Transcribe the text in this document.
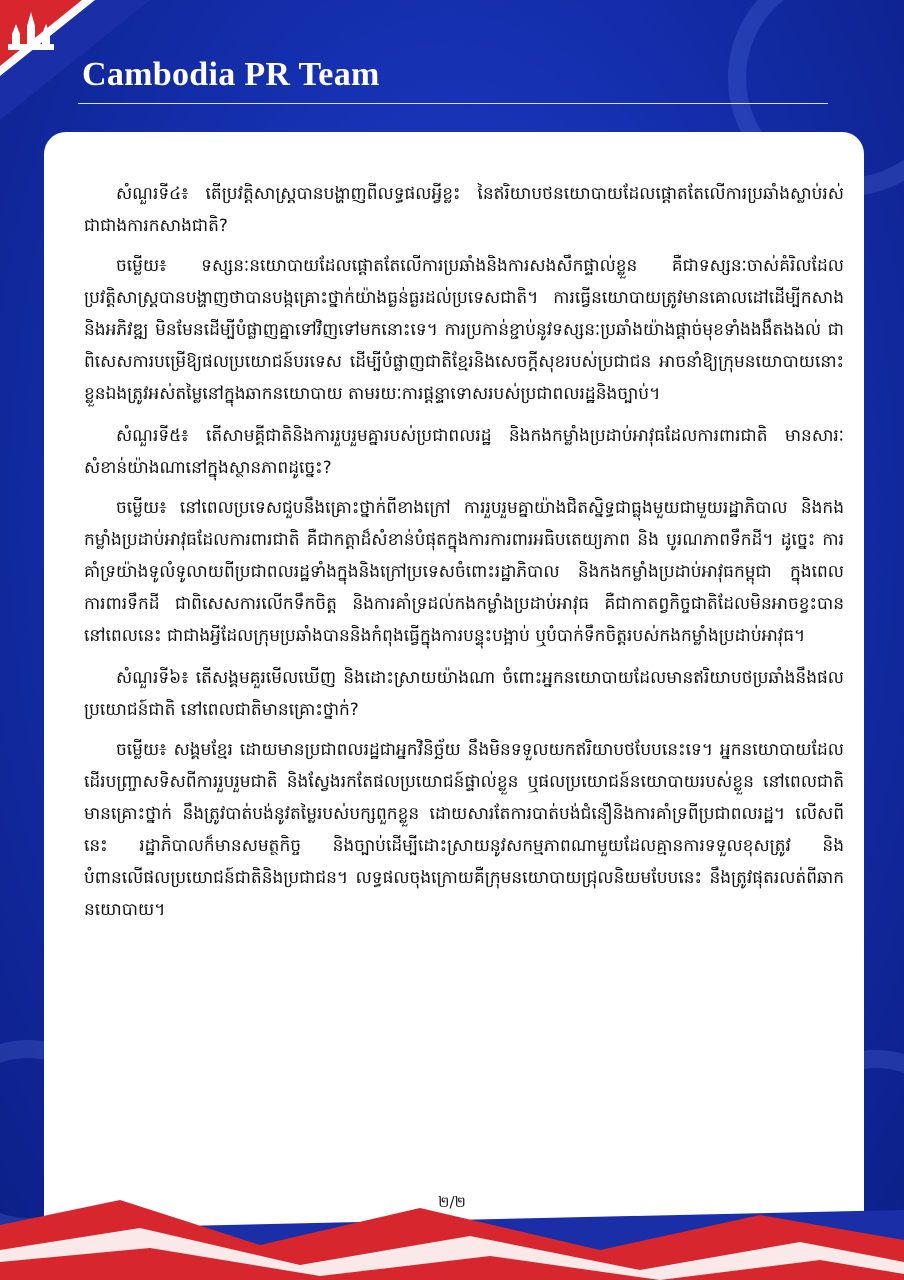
Cambodia PR Team

សំណួរទី៤៖ តើប្រវត្តិសាស្ត្របានបង្ហាញពីលទ្ធផលអ្វីខ្លះ នៃឥរិយាបថនយោបាយដែលផ្តោតតែលើការប្រឆាំងស្លាប់រស់ ជាជាងការកសាងជាតិ?

ចម្លើយ៖ ទស្សនៈនយោបាយដែលផ្តោតតែលើការប្រឆាំងនិងការសងសឹកផ្ទាល់ខ្លួន គឺជាទស្សនៈចាស់គំរិលដែលប្រវត្តិសាស្ត្របានបង្ហាញថាបានបង្កគ្រោះថ្នាក់យ៉ាងធ្ងន់ធ្ងរដល់ប្រទេសជាតិ។ ការធ្វើនយោបាយត្រូវមានគោលដៅដើម្បីកសាងនិងអភិវឌ្ឍ មិនមែនដើម្បីបំផ្លាញគ្នាទៅវិញទៅមកនោះទេ។ ការប្រកាន់ខ្ជាប់នូវទស្សនៈប្រឆាំងយ៉ាងផ្តាច់មុខទាំងងងឹតងងល់ ជាពិសេសការបម្រើឱ្យផលប្រយោជន៍បរទេស ដើម្បីបំផ្លាញជាតិខ្មែរនិងសេចក្តីសុខរបស់ប្រជាជន អាចនាំឱ្យក្រុមនយោបាយនោះខ្លួនឯងត្រូវអស់តម្លៃនៅក្នុងឆាកនយោបាយ តាមរយៈការផ្តន្ទាទោសរបស់ប្រជាពលរដ្ឋនិងច្បាប់។

សំណួរទី៥៖ តើសាមគ្គីជាតិនិងការរួបរួមគ្នារបស់ប្រជាពលរដ្ឋ និងកងកម្លាំងប្រដាប់អាវុធដែលការពារជាតិ មានសារៈសំខាន់យ៉ាងណានៅក្នុងស្ថានភាពដូច្នេះ?

ចម្លើយ៖ នៅពេលប្រទេសជួបនឹងគ្រោះថ្នាក់ពីខាងក្រៅ ការរួបរួមគ្នាយ៉ាងជិតស្និទ្ធជាធ្លុងមួយជាមួយរដ្ឋាភិបាល និងកងកម្លាំងប្រដាប់អាវុធដែលការពារជាតិ គឺជាកត្តាដ៏សំខាន់បំផុតក្នុងការការពារអធិបតេយ្យភាព និង បូរណភាពទឹកដី។ ដូច្នេះ ការគាំទ្រយ៉ាងទូលំទូលាយពីប្រជាពលរដ្ឋទាំងក្នុងនិងក្រៅប្រទេសចំពោះរដ្ឋាភិបាល និងកងកម្លាំងប្រដាប់អាវុធកម្ពុជា ក្នុងពេលការពារទឹកដី ជាពិសេសការលើកទឹកចិត្ត និងការគាំទ្រដល់កងកម្លាំងប្រដាប់អាវុធ គឺជាកាតព្វកិច្ចជាតិដែលមិនអាចខ្វះបាននៅពេលនេះ ជាជាងអ្វីដែលក្រុមប្រឆាំងបាននិងកំពុងធ្វើក្នុងការបន្ទុះបង្អាប់ ឬបំបាក់ទឹកចិត្តរបស់កងកម្លាំងប្រដាប់អាវុធ។

សំណួរទី៦៖ តើសង្គមគួរមើលឃើញ និងដោះស្រាយយ៉ាងណា ចំពោះអ្នកនយោបាយដែលមានឥរិយាបថប្រឆាំងនឹងផលប្រយោជន៍ជាតិ នៅពេលជាតិមានគ្រោះថ្នាក់?

ចម្លើយ៖ សង្គមខ្មែរ ដោយមានប្រជាពលរដ្ឋជាអ្នកវិនិច្ឆ័យ នឹងមិនទទួលយកឥរិយាបថបែបនេះទេ។ អ្នកនយោបាយដែលដើរបញ្ច្រាសទិសពីការរួបរួមជាតិ និងស្វែងរកតែផលប្រយោជន៍ផ្ទាល់ខ្លួន ឬផលប្រយោជន៍នយោបាយរបស់ខ្លួន នៅពេលជាតិមានគ្រោះថ្នាក់ នឹងត្រូវបាត់បង់នូវតម្លៃរបស់បក្សពួកខ្លួន ដោយសារតែការបាត់បង់ជំនឿនិងការគាំទ្រពីប្រជាពលរដ្ឋ។ លើសពីនេះ រដ្ឋាភិបាលក៏មានសមត្ថកិច្ច និងច្បាប់ដើម្បីដោះស្រាយនូវសកម្មភាពណាមួយដែលគ្មានការទទួលខុសត្រូវ និងបំពានលើផលប្រយោជន៍ជាតិនិងប្រជាជន។ លទ្ធផលចុងក្រោយគឺក្រុមនយោបាយជ្រុលនិយមបែបនេះ នឹងត្រូវផុតរលត់ពីឆាកនយោបាយ។

២/២
